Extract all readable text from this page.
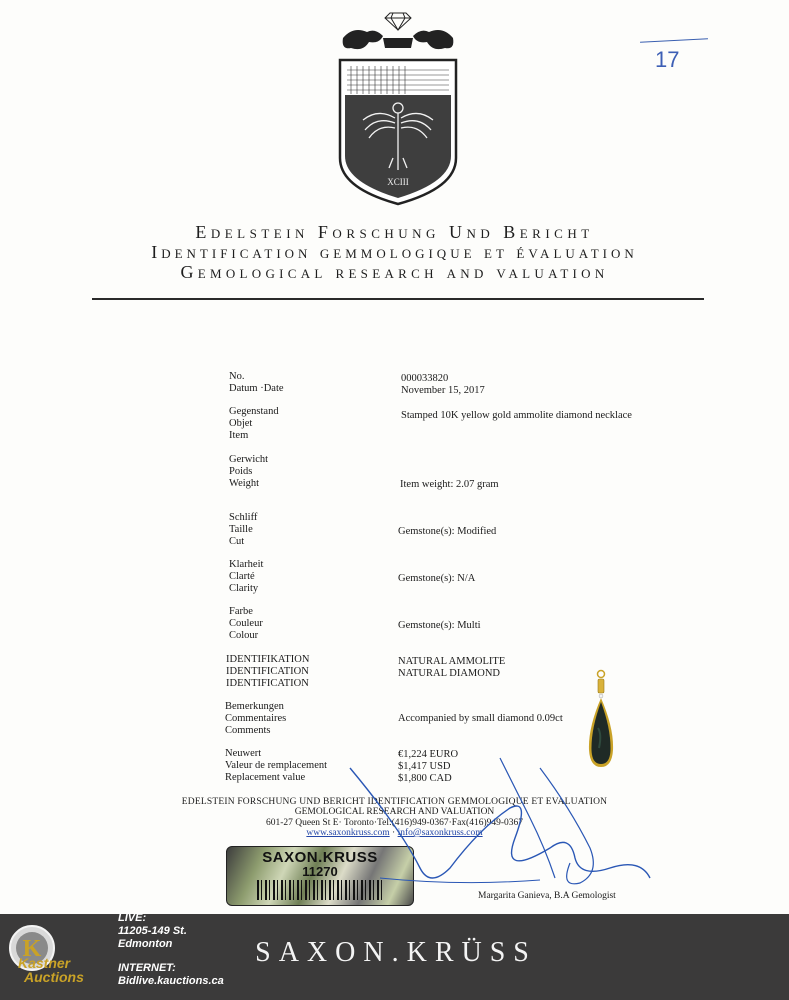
XCIII
17
Edelstein Forschung Und Bericht
Identification gemmologique et évaluation
Gemological research and valuation
No.
Datum ·Date
000033820
November 15, 2017
Gegenstand
Objet
Item
Stamped 10K yellow gold ammolite diamond necklace
Gerwicht
Poids
Weight	Item weight: 2.07 gram
Schliff
Taille
Cut
Gemstone(s): Modified
Klarheit
Clarté
Clarity
Gemstone(s): N/A
Farbe
Couleur
Colour
Gemstone(s): Multi
IDENTIFIKATION
IDENTIFICATION
IDENTIFICATION
NATURAL AMMOLITE
NATURAL DIAMOND
Bemerkungen
Commentaires
Comments
Accompanied by small diamond 0.09ct
Neuwert
Valeur de remplacement
Replacement value
€1,224 EURO
$1,417 USD
$1,800 CAD
EDELSTEIN FORSCHUNG UND BERICHT IDENTIFICATION GEMMOLOGIQUE ET EVALUATION
GEMOLOGICAL RESEARCH AND VALUATION
601-27 Queen St E· Toronto·Tel:(416)949-0367·Fax(416)949-0367
www.saxonkruss.com · info@saxonkruss.com
SAXON.KRUSS
11270
Margarita Ganieva, B.A Gemologist
K
Kastner
Auctions
LIVE:
11205-149 St.
Edmonton
INTERNET:
Bidlive.kauctions.ca
SAXON.KRÜSS
